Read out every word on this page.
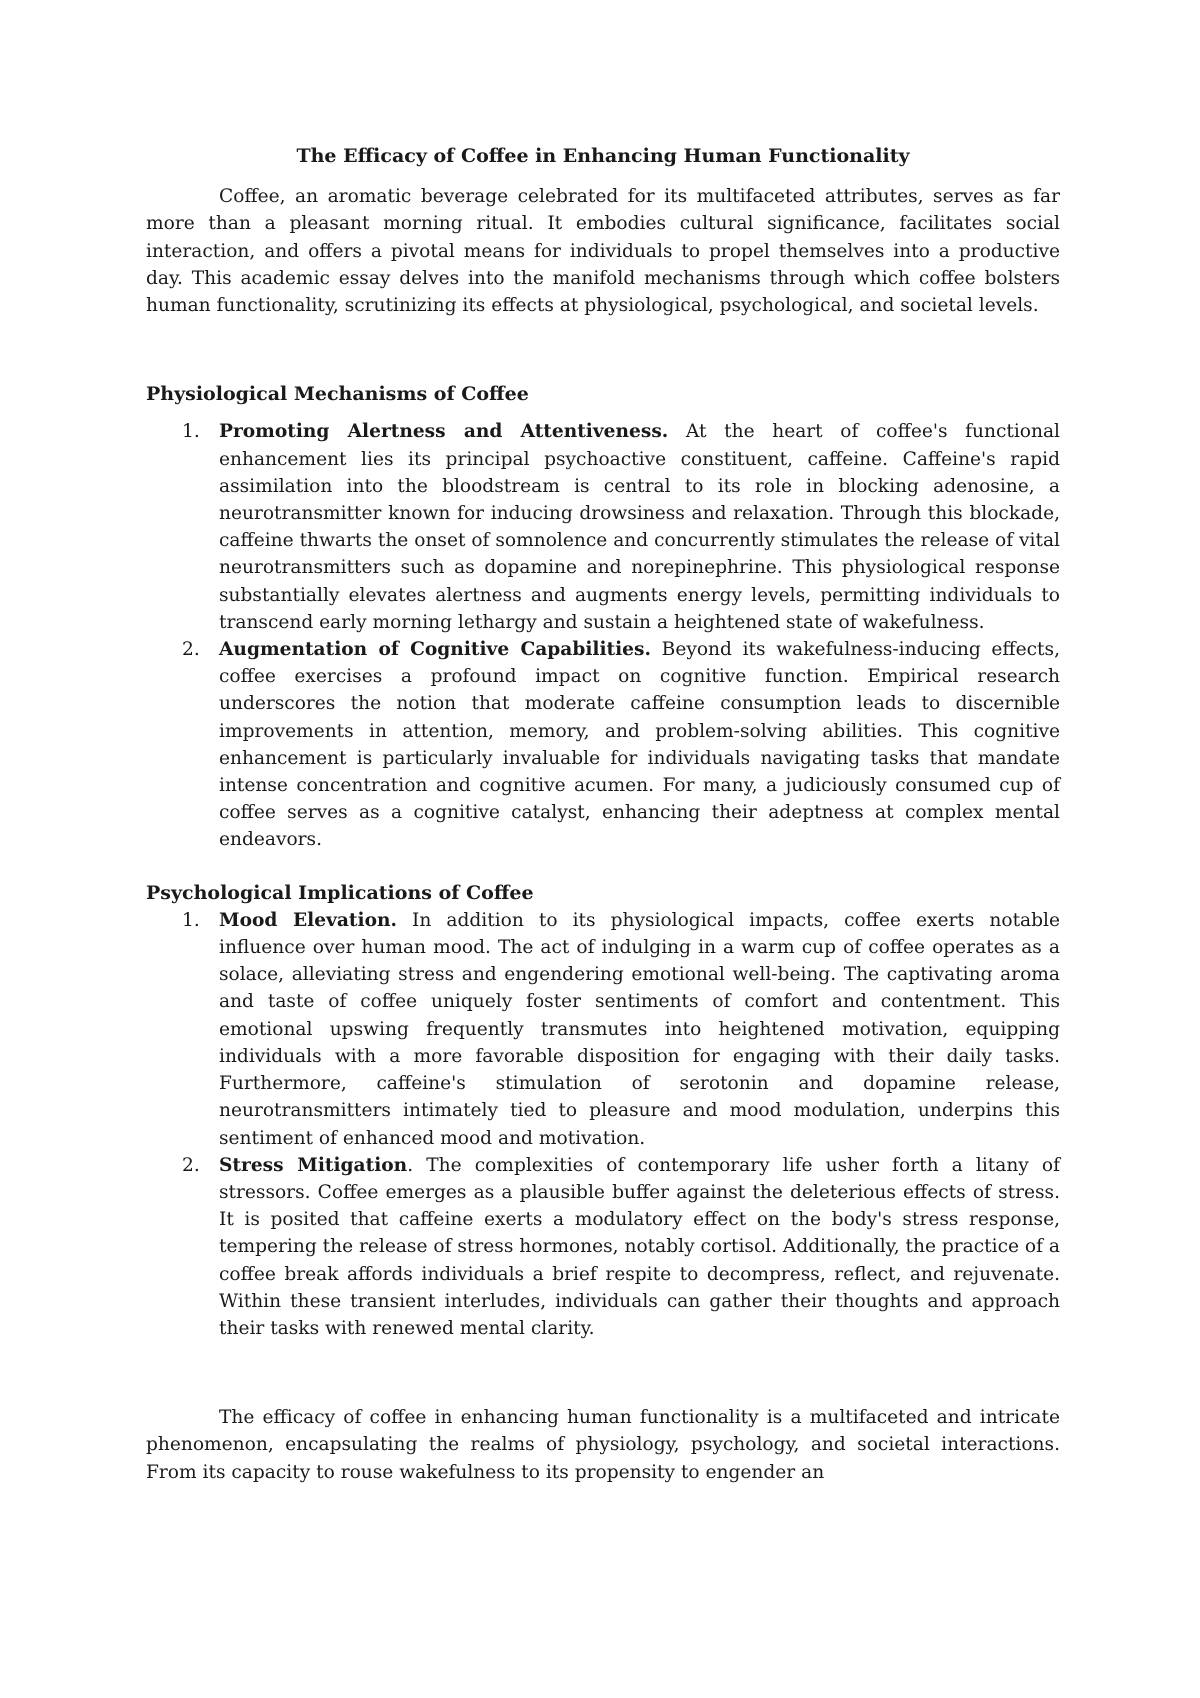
The Efficacy of Coffee in Enhancing Human Functionality

Coffee, an aromatic beverage celebrated for its multifaceted attributes, serves as far more than a pleasant morning ritual. It embodies cultural significance, facilitates social interaction, and offers a pivotal means for individuals to propel themselves into a productive day. This academic essay delves into the manifold mechanisms through which coffee bolsters human functionality, scrutinizing its effects at physiological, psychological, and societal levels.

Physiological Mechanisms of Coffee
1. Promoting Alertness and Attentiveness. At the heart of coffee's functional enhancement lies its principal psychoactive constituent, caffeine. Caffeine's rapid assimilation into the bloodstream is central to its role in blocking adenosine, a neurotransmitter known for inducing drowsiness and relaxation. Through this blockade, caffeine thwarts the onset of somnolence and concurrently stimulates the release of vital neurotransmitters such as dopamine and norepinephrine. This physiological response substantially elevates alertness and augments energy levels, permitting individuals to transcend early morning lethargy and sustain a heightened state of wakefulness.
2. Augmentation of Cognitive Capabilities. Beyond its wakefulness-inducing effects, coffee exercises a profound impact on cognitive function. Empirical research underscores the notion that moderate caffeine consumption leads to discernible improvements in attention, memory, and problem-solving abilities. This cognitive enhancement is particularly invaluable for individuals navigating tasks that mandate intense concentration and cognitive acumen. For many, a judiciously consumed cup of coffee serves as a cognitive catalyst, enhancing their adeptness at complex mental endeavors.
Psychological Implications of Coffee
1. Mood Elevation. In addition to its physiological impacts, coffee exerts notable influence over human mood. The act of indulging in a warm cup of coffee operates as a solace, alleviating stress and engendering emotional well-being. The captivating aroma and taste of coffee uniquely foster sentiments of comfort and contentment. This emotional upswing frequently transmutes into heightened motivation, equipping individuals with a more favorable disposition for engaging with their daily tasks. Furthermore, caffeine's stimulation of serotonin and dopamine release, neurotransmitters intimately tied to pleasure and mood modulation, underpins this sentiment of enhanced mood and motivation.
2. Stress Mitigation. The complexities of contemporary life usher forth a litany of stressors. Coffee emerges as a plausible buffer against the deleterious effects of stress. It is posited that caffeine exerts a modulatory effect on the body's stress response, tempering the release of stress hormones, notably cortisol. Additionally, the practice of a coffee break affords individuals a brief respite to decompress, reflect, and rejuvenate. Within these transient interludes, individuals can gather their thoughts and approach their tasks with renewed mental clarity.

The efficacy of coffee in enhancing human functionality is a multifaceted and intricate phenomenon, encapsulating the realms of physiology, psychology, and societal interactions. From its capacity to rouse wakefulness to its propensity to engender an
